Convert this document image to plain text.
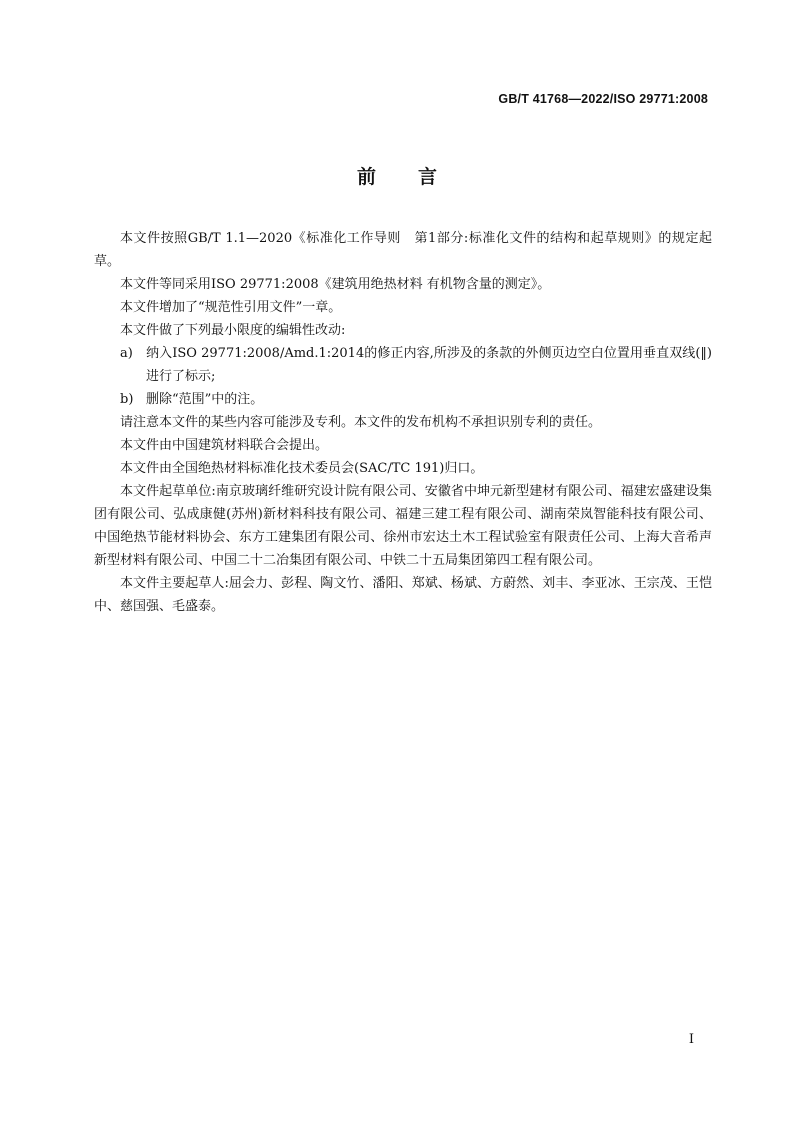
GB/T 41768—2022/ISO 29771:2008
前言

本文件按照GB/T 1.1—2020《标准化工作导则　第1部分:标准化文件的结构和起草规则》的规定起草。

本文件等同采用ISO 29771:2008《建筑用绝热材料 有机物含量的测定》。

本文件增加了“规范性引用文件”一章。

本文件做了下列最小限度的编辑性改动:

a) 纳入ISO 29771:2008/Amd.1:2014的修正内容,所涉及的条款的外侧页边空白位置用垂直双线(‖)进行了标示;
b) 删除“范围”中的注。

请注意本文件的某些内容可能涉及专利。本文件的发布机构不承担识别专利的责任。

本文件由中国建筑材料联合会提出。

本文件由全国绝热材料标准化技术委员会(SAC/TC 191)归口。

本文件起草单位:南京玻璃纤维研究设计院有限公司、安徽省中坤元新型建材有限公司、福建宏盛建设集团有限公司、弘成康健(苏州)新材料科技有限公司、福建三建工程有限公司、湖南荣岚智能科技有限公司、中国绝热节能材料协会、东方工建集团有限公司、徐州市宏达土木工程试验室有限责任公司、上海大音希声新型材料有限公司、中国二十二冶集团有限公司、中铁二十五局集团第四工程有限公司。

本文件主要起草人:屈会力、彭程、陶文竹、潘阳、郑斌、杨斌、方蔚然、刘丰、李亚冰、王宗茂、王恺中、慈国强、毛盛泰。

I
